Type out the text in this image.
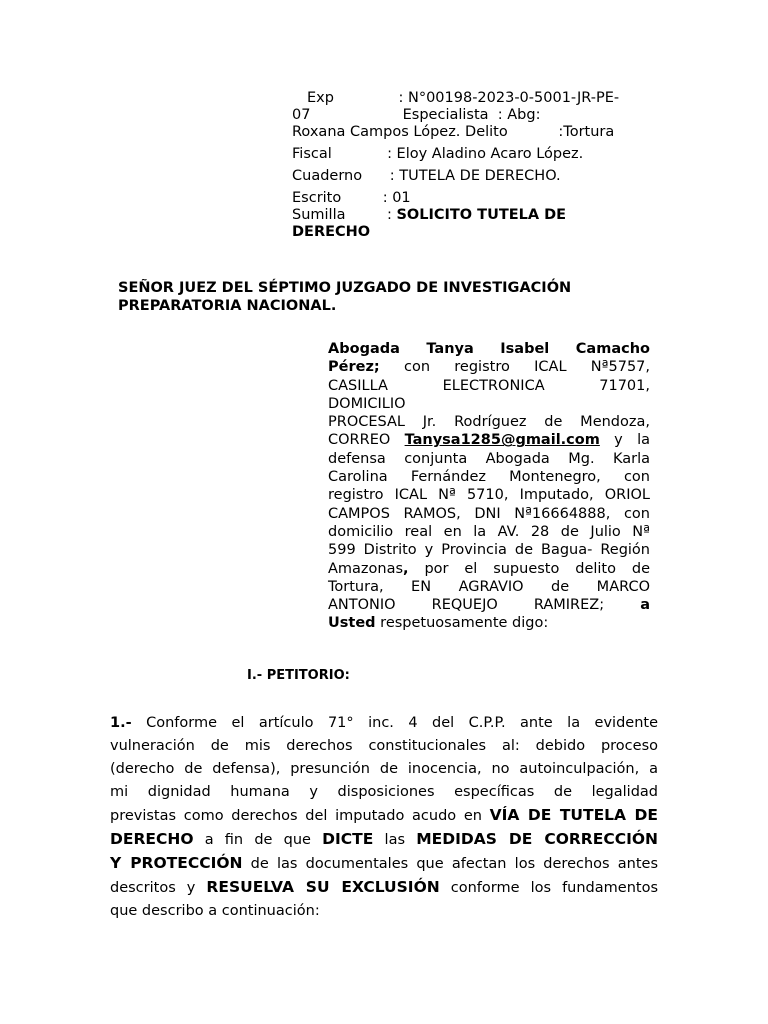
Exp              : N°00198-2023-0-5001-JR-PE-
07                    Especialista  : Abg:
Roxana Campos López. Delito           :Tortura

Fiscal            : Eloy Aladino Acaro López.

Cuaderno      : TUTELA DE DERECHO.

Escrito         : 01
Sumilla         : SOLICITO TUTELA DE
DERECHO

SEÑOR JUEZ DEL SÉPTIMO JUZGADO DE INVESTIGACIÓN
PREPARATORIA NACIONAL.
Abogada Tanya Isabel Camacho
Pérez; con registro ICAL Nª5757,
CASILLA ELECTRONICA 71701,
DOMICILIO
PROCESAL Jr. Rodríguez de Mendoza,
CORREO Tanysa1285@gmail.com y la
defensa conjunta Abogada Mg. Karla
Carolina Fernández Montenegro, con
registro ICAL Nª 5710, Imputado, ORIOL
CAMPOS RAMOS, DNI Nª16664888, con
domicilio real en la AV. 28 de Julio Nª
599 Distrito y Provincia de Bagua- Región
Amazonas, por el supuesto delito de
Tortura, EN AGRAVIO de MARCO
ANTONIO REQUEJO RAMIREZ; a
Usted respetuosamente digo:
I.- PETITORIO:
1.- Conforme el artículo 71° inc. 4 del C.P.P. ante la evidente
vulneración de mis derechos constitucionales al: debido proceso
(derecho de defensa), presunción de inocencia, no autoinculpación, a
mi dignidad humana y disposiciones específicas de legalidad
previstas como derechos del imputado acudo en VÍA DE TUTELA DE
DERECHO a fin de que DICTE las MEDIDAS DE CORRECCIÓN
Y PROTECCIÓN de las documentales que afectan los derechos antes
descritos y RESUELVA SU EXCLUSIÓN conforme los fundamentos
que describo a continuación:
